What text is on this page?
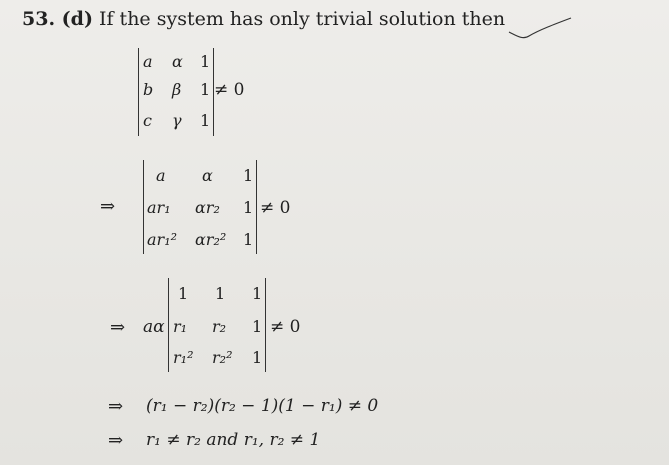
53. (d) If the system has only trivial solution then
a α 1
b β 1
c γ 1
≠ 0
⇒
a α 1
ar₁ αr₂ 1
ar₁² αr₂² 1
≠ 0
⇒ aα
1 1 1
r₁ r₂ 1
r₁² r₂² 1
≠ 0
⇒ (r₁ − r₂)(r₂ − 1)(1 − r₁) ≠ 0
⇒ r₁ ≠ r₂ and r₁, r₂ ≠ 1
